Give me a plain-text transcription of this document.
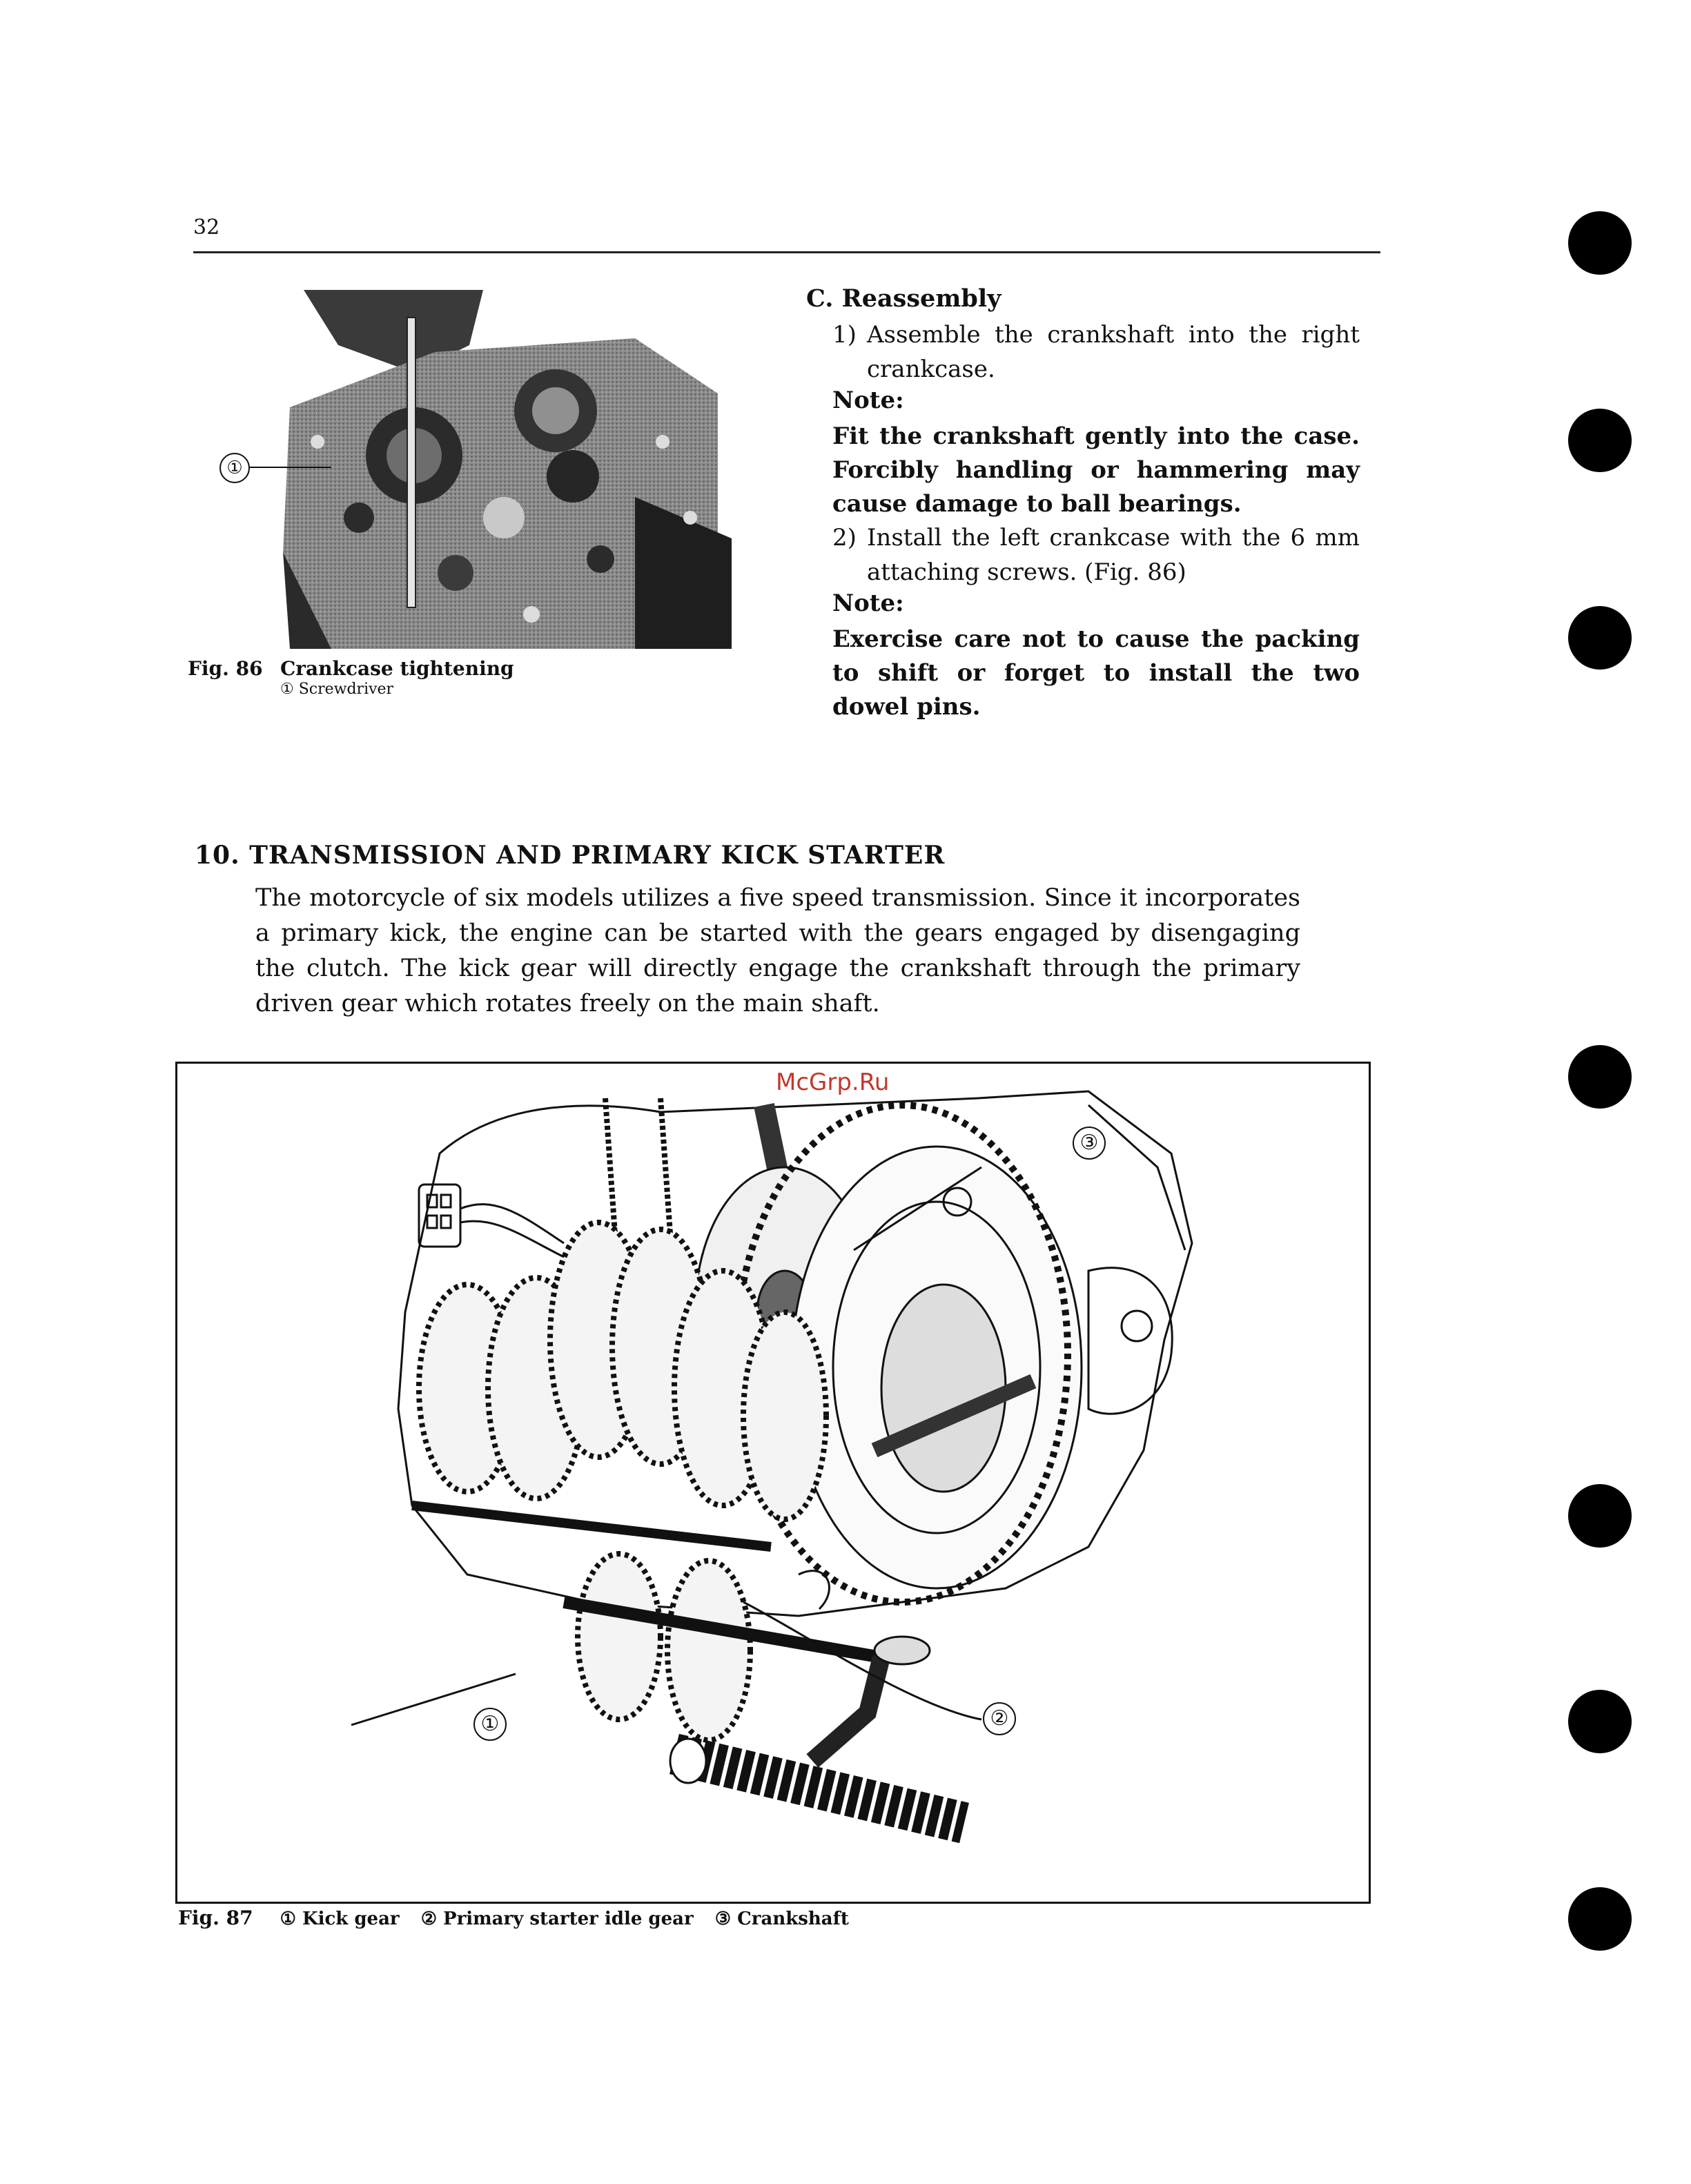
32
①
Fig. 86 Crankcase tightening
① Screwdriver
C. Reassembly
1) Assemble the crankshaft into the right crankcase.
Note:
Fit the crankshaft gently into the case. Forcibly handling or hammering may cause damage to ball bearings.
2) Install the left crankcase with the 6 mm attaching screws. (Fig. 86)
Note:
Exercise care not to cause the packing to shift or forget to install the two dowel pins.
10. TRANSMISSION AND PRIMARY KICK STARTER
The motorcycle of six models utilizes a five speed transmission. Since it incorporates a primary kick, the engine can be started with the gears engaged by disengaging the clutch. The kick gear will directly engage the crankshaft through the primary driven gear which rotates freely on the main shaft.
McGrp.Ru
①	②
③
Fig. 87 ① Kick gear ② Primary starter idle gear ③ Crankshaft
